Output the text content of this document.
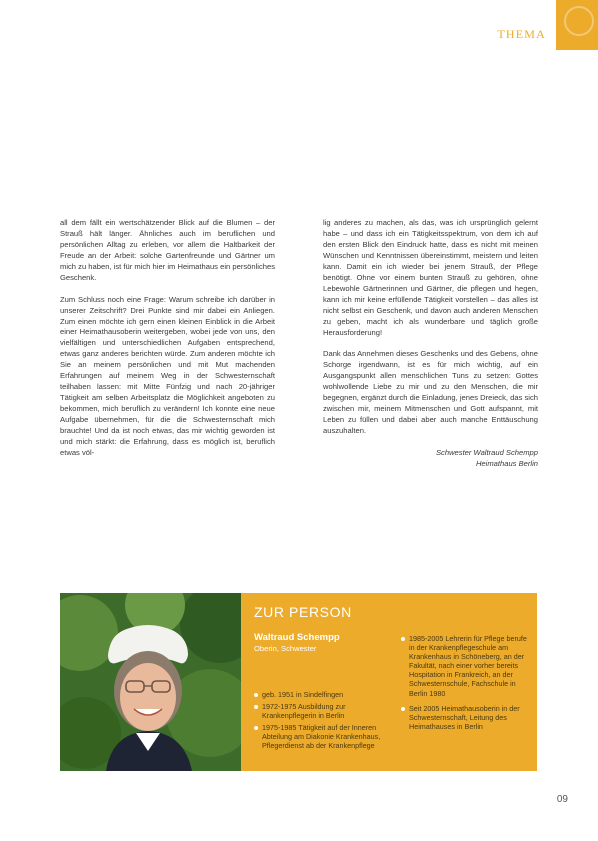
THEMA

all dem fällt ein wertschätzender Blick auf die Blumen – der Strauß hält länger. Ähnliches auch im beruflichen und persönlichen Alltag zu erleben, vor allem die Haltbarkeit der Freude an der Arbeit: solche Gartenfreunde und Gärtner um mich zu haben, ist für mich hier im Heimathaus ein persönliches Geschenk.

Zum Schluss noch eine Frage: Warum schreibe ich darüber in unserer Zeitschrift? Drei Punkte sind mir dabei ein Anliegen. Zum einen möchte ich gern einen kleinen Einblick in die Arbeit einer Heimathausoberin weitergeben, wobei jede von uns, den vielfältigen und unterschiedlichen Aufgaben entsprechend, etwas ganz anderes berichten würde. Zum anderen möchte ich Sie an meinem persönlichen und mit Mut machenden Erfahrungen auf meinem Weg in der Schwesternschaft teilhaben lassen: mit Mitte Fünfzig und nach 20-jähriger Tätigkeit am selben Arbeitsplatz die Möglichkeit angeboten zu bekommen, mich beruflich zu verändern! Ich konnte eine neue Aufgabe übernehmen, für die die Schwesternschaft mich brauchte! Und da ist noch etwas, das mir wichtig geworden ist und mich stärkt: die Erfahrung, dass es möglich ist, beruflich etwas völ-

lig anderes zu machen, als das, was ich ursprünglich gelernt habe – und dass ich ein Tätigkeitsspektrum, von dem ich auf den ersten Blick den Eindruck hatte, dass es nicht mit meinen Wünschen und Kenntnissen übereinstimmt, meistern und leiten kann. Damit ein ich wieder bei jenem Strauß, der Pflege benötigt. Ohne vor einem bunten Strauß zu gehören, ohne Lebewohle Gärtnerinnen und Gärtner, die pflegen und hegen, kann ich mir keine erfüllende Tätigkeit vorstellen – das alles ist nicht selbst ein Geschenk, und davon auch anderen Menschen zu geben, macht ich als wunderbare und täglich große Herausforderung!

Dank das Annehmen dieses Geschenks und des Gebens, ohne Schorge irgendwann, ist es für mich wichtig, auf ein Ausgangspunkt allen menschlichen Tuns zu setzen: Gottes wohlwollende Liebe zu mir und zu den Menschen, die mir begegnen, ergänzt durch die Einladung, jenes Dreieck, das sich zwischen mir, meinem Mitmenschen und Gott aufspannt, mit Leben zu füllen und dabei aber auch manche Enttäuschung auszuhalten.

Schwester Waltraud Schempp
Heimathaus Berlin
ZUR PERSON
Waltraud Schempp
Oberin, Schwester
geb. 1951 in Sindelfingen
1972-1975 Ausbildung zur Krankenpflegerin in Berlin
1975-1985 Tätigkeit auf der Inneren Abteilung am Diakonie Krankenhaus, Pflegerdienst ab der Krankenpflege
1985-2005 Lehrerin für Pflege berufe in der Krankenpflegeschule am Krankenhaus in Schöneberg, an der Fakultät, nach einer vorher bereits Hospitation in Frankreich, an der Schwesternschule, Fachschule in Berlin 1980
Seit 2005 Heimathausoberin in der Schwesternschaft, Leitung des Heimathauses in Berlin
09
